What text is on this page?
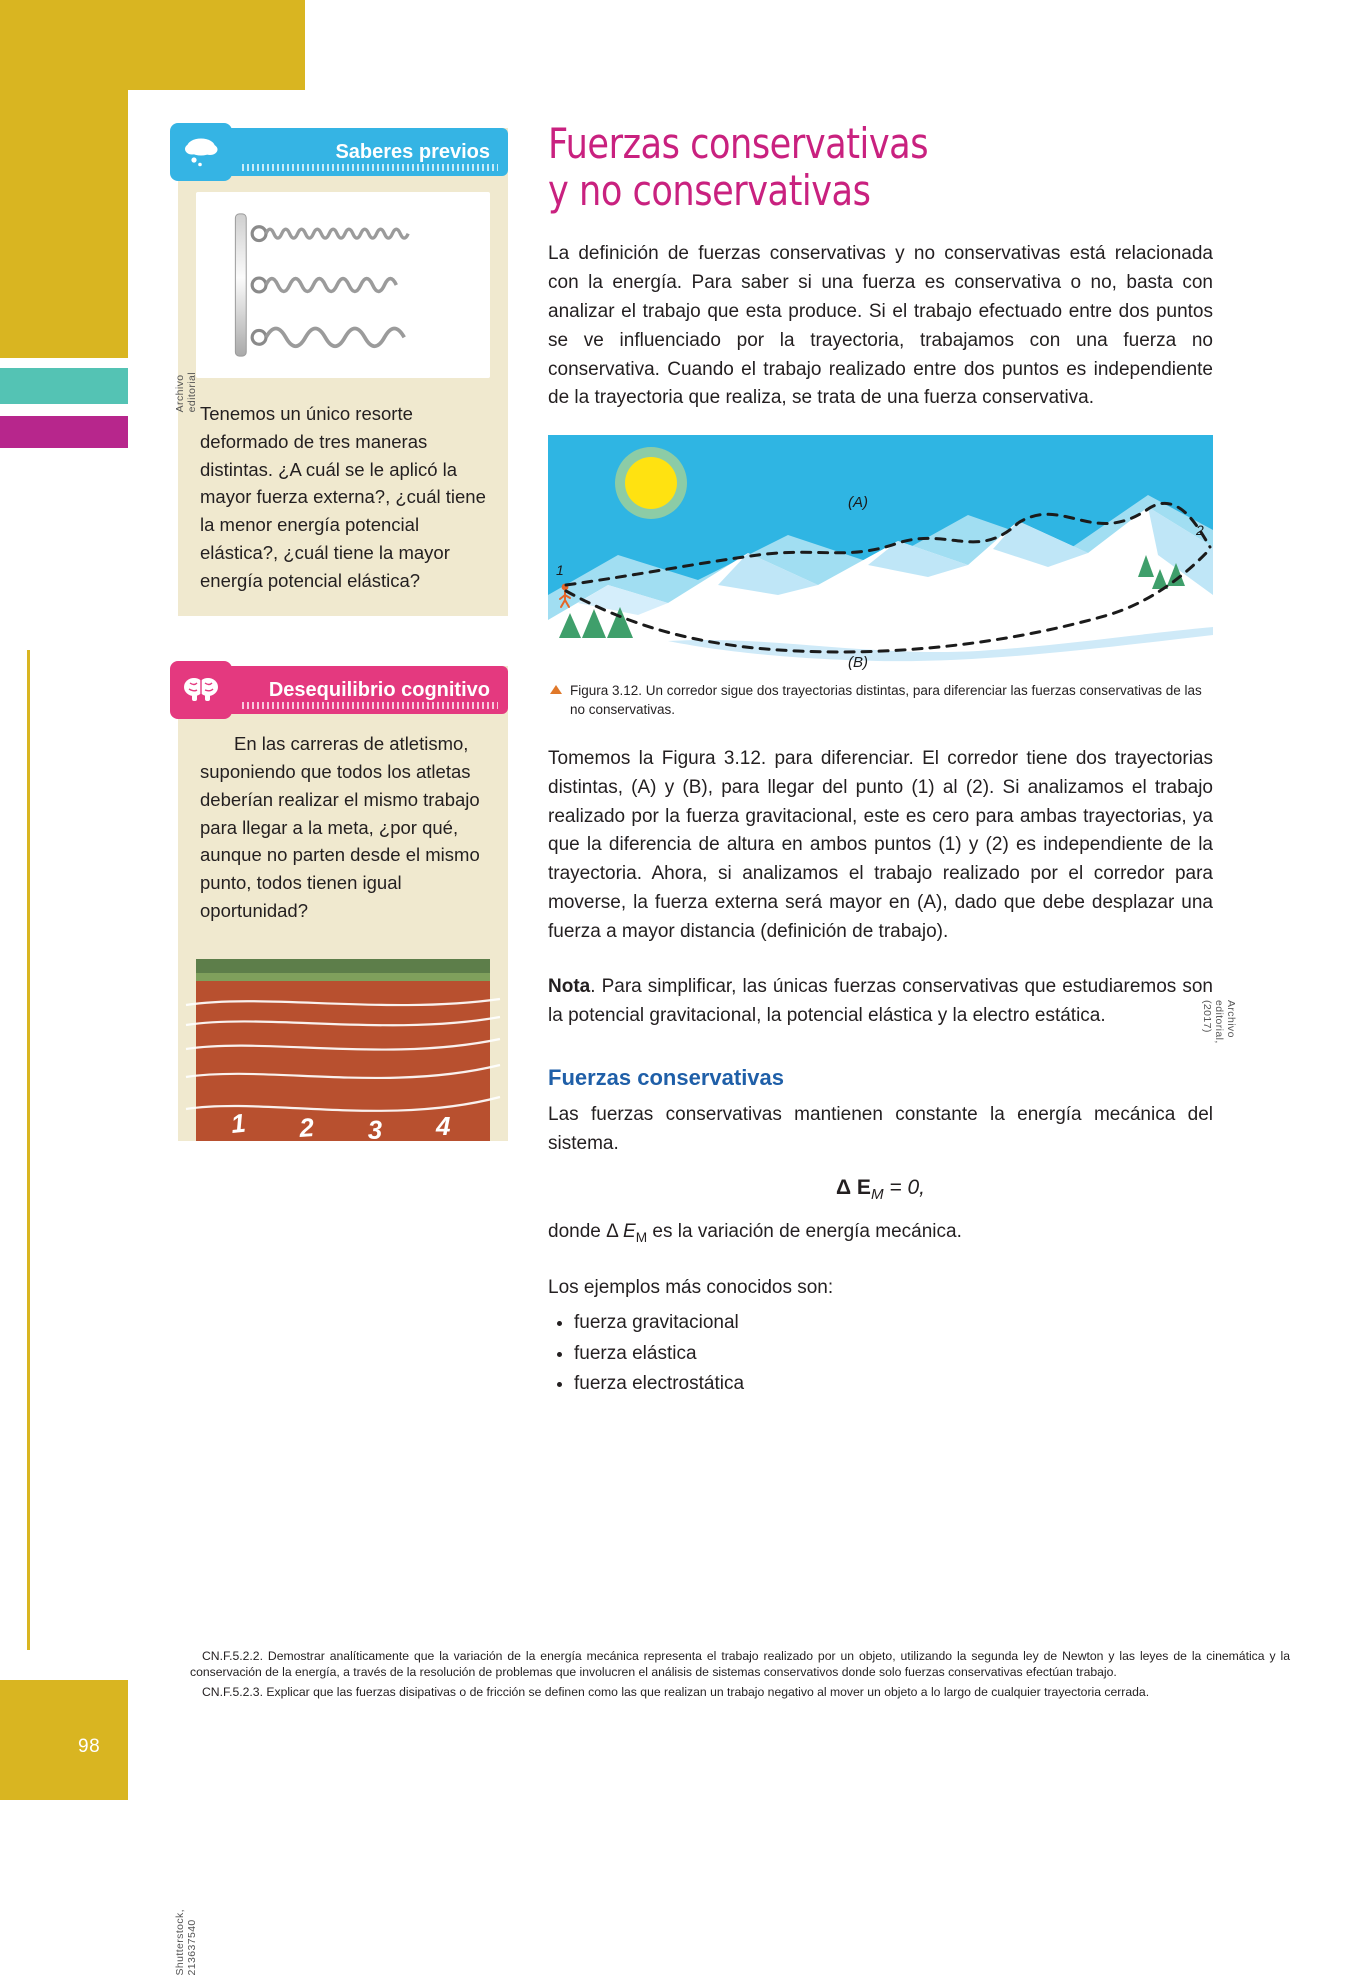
98
Saberes previos
Archivo editorial
Tenemos un único resorte deformado de tres maneras distintas. ¿A cuál se le aplicó la mayor fuerza externa?, ¿cuál tiene la menor energía potencial elástica?, ¿cuál tiene la mayor energía potencial elástica?
Desequilibrio cognitivo
En las carreras de atletismo, suponiendo que todos los atletas deberían realizar el mismo trabajo para llegar a la meta, ¿por qué, aunque no parten desde el mismo punto, todos tienen igual oportunidad?
Shutterstock, 213637540
1 2 3 4
Fuerzas conservativas
y no conservativas

La definición de fuerzas conservativas y no conservativas está relacionada con la energía. Para saber si una fuerza es conservativa o no, basta con analizar el trabajo que esta produce. Si el trabajo efectuado entre dos puntos se ve influenciado por la trayectoria, trabajamos con una fuerza no conservativa. Cuando el trabajo realizado entre dos puntos es independiente de la trayectoria que realiza, se trata de una fuerza conservativa.

Archivo editorial, (2017)
(A)
(B)
1
2
Figura 3.12. Un corredor sigue dos trayectorias distintas, para diferenciar las fuerzas conservativas de las no conservativas.

Tomemos la Figura 3.12. para diferenciar. El corredor tiene dos trayectorias distintas, (A) y (B), para llegar del punto (1) al (2). Si analizamos el trabajo realizado por la fuerza gravitacional, este es cero para ambas trayectorias, ya que la diferencia de altura en ambos puntos (1) y (2) es independiente de la trayectoria. Ahora, si analizamos el trabajo realizado por el corredor para moverse, la fuerza externa será mayor en (A), dado que debe desplazar una fuerza a mayor distancia (definición de trabajo).

Nota. Para simplificar, las únicas fuerzas conservativas que estudiaremos son la potencial gravitacional, la potencial elástica y la electro estática.

Fuerzas conservativas

Las fuerzas conservativas mantienen constante la energía mecánica del sistema.

Δ $E_M = 0$,

donde Δ $E_M$ es la variación de energía mecánica.

Los ejemplos más conocidos son:

• fuerza gravitacional
• fuerza elástica
• fuerza electrostática

CN.F.5.2.2. Demostrar analíticamente que la variación de la energía mecánica representa el trabajo realizado por un objeto, utilizando la segunda ley de Newton y las leyes de la cinemática y la conservación de la energía, a través de la resolución de problemas que involucren el análisis de sistemas conservativos donde solo fuerzas conservativas efectúan trabajo.

CN.F.5.2.3. Explicar que las fuerzas disipativas o de fricción se definen como las que realizan un trabajo negativo al mover un objeto a lo largo de cualquier trayectoria cerrada.
